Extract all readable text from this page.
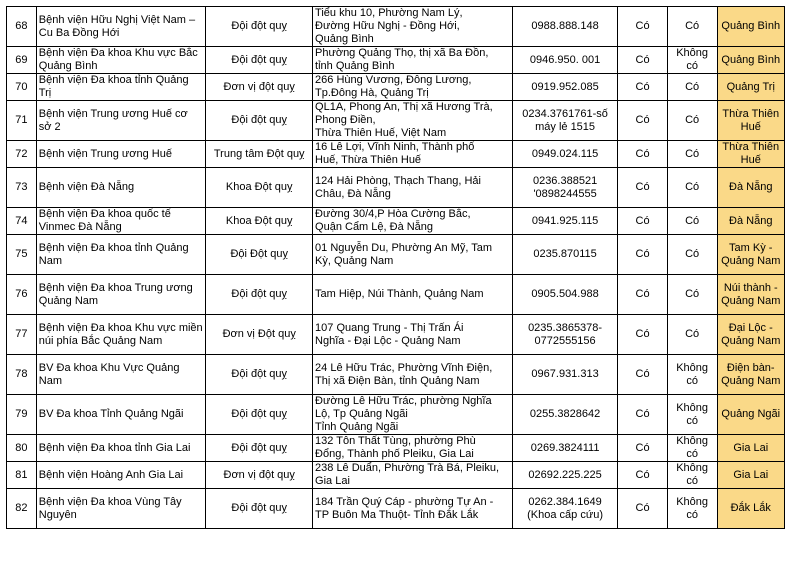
68	Bệnh viện Hữu Nghị Việt Nam – Cu Ba Đồng Hới	Đội đột quỵ	Tiểu khu 10, Phường Nam Lý,
Đường Hữu Nghị - Đồng Hới,
Quảng Bình	0988.888.148	Có	Có	Quảng Bình
69	Bệnh viện Đa khoa Khu vực Bắc Quảng Bình	Đội đột quỵ	Phường Quảng Thọ, thị xã Ba Đồn,
tỉnh Quảng Bình	0946.950. 001	Có	Không có	Quảng Bình
70	Bệnh viện Đa khoa tỉnh Quảng Trị	Đơn vị đột quỵ	266 Hùng Vương, Đông Lương,
Tp.Đông Hà, Quảng Trị	0919.952.085	Có	Có	Quảng Trị
71	Bệnh viện Trung ương Huế cơ sở 2	Đội đột quỵ	QL1A, Phong An, Thị xã Hương Trà,
Phong Điền,
Thừa Thiên Huế, Việt Nam	0234.3761761-số máy lẻ 1515	Có	Có	Thừa Thiên Huế
72	Bệnh viện Trung ương Huế	Trung tâm Đột quỵ	16 Lê Lợi, Vĩnh Ninh, Thành phố
Huế, Thừa Thiên Huế	0949.024.115	Có	Có	Thừa Thiên Huế
73	Bệnh viện Đà Nẵng	Khoa Đột quỵ	124 Hải Phòng, Thạch Thang, Hải
Châu, Đà Nẵng	0236.388521 '0898244555	Có	Có	Đà Nẵng
74	Bệnh viện Đa khoa quốc tế Vinmec Đà Nẵng	Khoa Đột quỵ	Đường 30/4,P Hòa Cường Bắc,
Quận Cẩm Lệ, Đà Nẵng	0941.925.115	Có	Có	Đà Nẵng
75	Bệnh viện Đa khoa tỉnh Quảng Nam	Đội Đột quỵ	01 Nguyễn Du, Phường An Mỹ, Tam
Kỳ, Quảng Nam	0235.870115	Có	Có	Tam Kỳ - Quảng Nam
76	Bệnh viện Đa khoa Trung ương Quảng Nam	Đội đột quỵ	Tam Hiệp, Núi Thành, Quảng Nam	0905.504.988	Có	Có	Núi thành - Quảng Nam
77	Bệnh viện Đa khoa Khu vực miền núi phía Bắc Quảng Nam	Đơn vị Đột quỵ	107 Quang Trung - Thị Trấn Ái
Nghĩa - Đại Lộc - Quảng Nam	0235.3865378- 0772555156	Có	Có	Đại Lộc - Quảng Nam
78	BV Đa khoa Khu Vực Quảng Nam	Đội đột quỵ	24 Lê Hữu Trác, Phường Vĩnh Điện,
Thị xã Điện Bàn, tỉnh Quảng Nam	0967.931.313	Có	Không có	Điện bàn- Quảng Nam
79	BV Đa khoa Tỉnh Quảng Ngãi	Đội đột quỵ	Đường Lê Hữu Trác, phường Nghĩa
Lộ, Tp Quảng Ngãi
Tỉnh Quảng Ngãi	0255.3828642	Có	Không có	Quảng Ngãi
80	Bệnh viện Đa khoa tỉnh Gia Lai	Đội đột quỵ	132 Tôn Thất Tùng, phường Phù
Đổng, Thành phố Pleiku, Gia Lai	0269.3824111	Có	Không có	Gia Lai
81	Bệnh viện Hoàng Anh Gia Lai	Đơn vị đột quỵ	238 Lê Duẩn, Phường Trà Bá, Pleiku,
Gia Lai	02692.225.225	Có	Không có	Gia Lai
82	Bệnh viện Đa khoa Vùng Tây Nguyên	Đội đột quỵ	184 Trần Quý Cáp - phường Tự An -
TP Buôn Ma Thuột- Tỉnh Đắk Lắk	0262.384.1649 (Khoa cấp cứu)	Có	Không có	Đắk Lắk
